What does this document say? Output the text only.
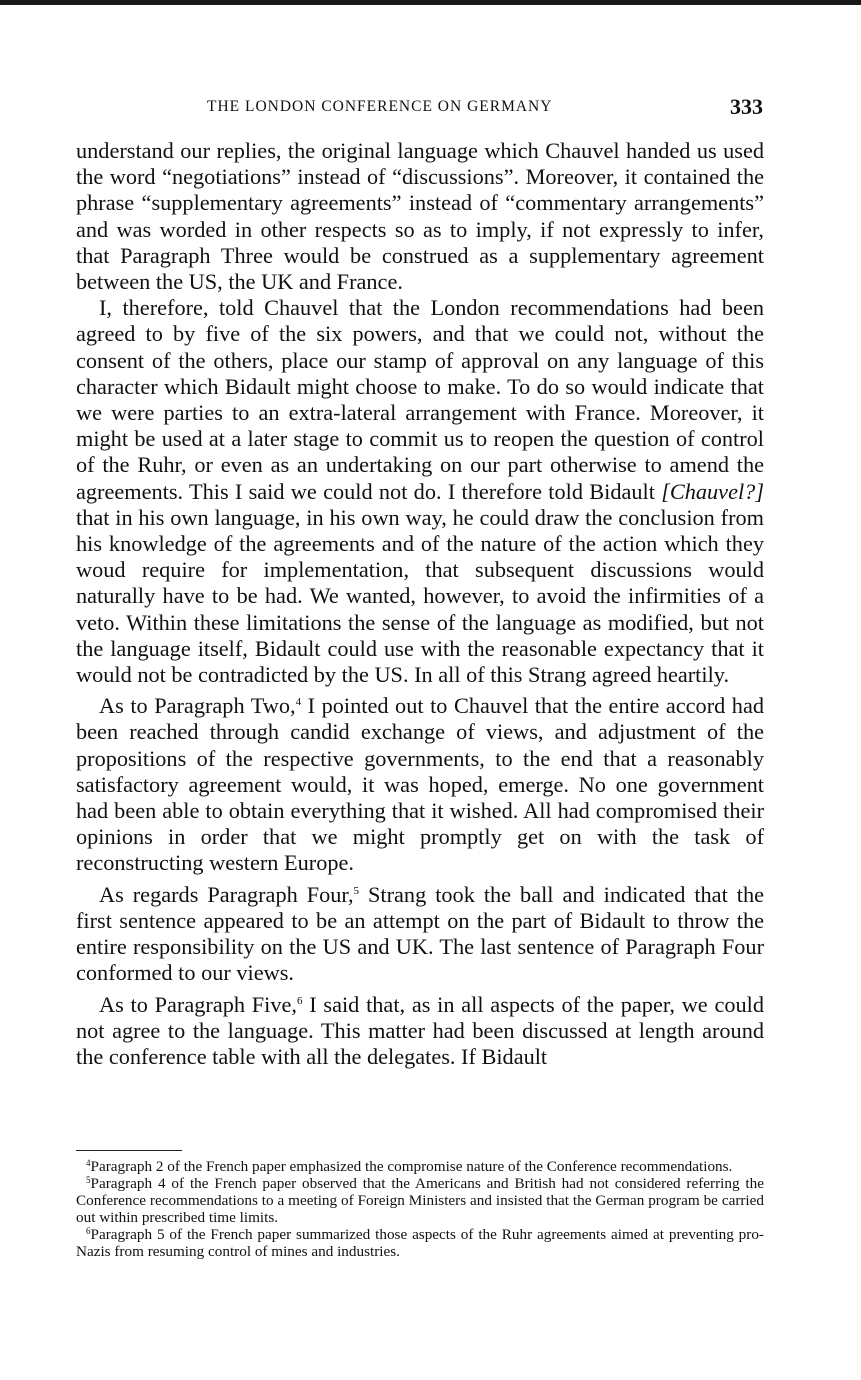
THE LONDON CONFERENCE ON GERMANY	333

understand our replies, the original language which Chauvel handed us used the word “negotiations” instead of “discussions”. Moreover, it contained the phrase “supplementary agreements” instead of “commentary arrangements” and was worded in other respects so as to imply, if not expressly to infer, that Paragraph Three would be construed as a supplementary agreement between the US, the UK and France.

I, therefore, told Chauvel that the London recommendations had been agreed to by five of the six powers, and that we could not, without the consent of the others, place our stamp of approval on any language of this character which Bidault might choose to make. To do so would indicate that we were parties to an extra-lateral arrangement with France. Moreover, it might be used at a later stage to commit us to reopen the question of control of the Ruhr, or even as an undertaking on our part otherwise to amend the agreements. This I said we could not do. I therefore told Bidault [Chauvel?] that in his own language, in his own way, he could draw the conclusion from his knowledge of the agreements and of the nature of the action which they woud require for implementation, that subsequent discussions would naturally have to be had. We wanted, however, to avoid the infirmities of a veto. Within these limitations the sense of the language as modified, but not the language itself, Bidault could use with the reasonable expectancy that it would not be contradicted by the US. In all of this Strang agreed heartily.

As to Paragraph Two,$^4$ I pointed out to Chauvel that the entire accord had been reached through candid exchange of views, and adjustment of the propositions of the respective governments, to the end that a reasonably satisfactory agreement would, it was hoped, emerge. No one government had been able to obtain everything that it wished. All had compromised their opinions in order that we might promptly get on with the task of reconstructing western Europe.

As regards Paragraph Four,$^5$ Strang took the ball and indicated that the first sentence appeared to be an attempt on the part of Bidault to throw the entire responsibility on the US and UK. The last sentence of Paragraph Four conformed to our views.

As to Paragraph Five,$^6$ I said that, as in all aspects of the paper, we could not agree to the language. This matter had been discussed at length around the conference table with all the delegates. If Bidault

$^4$Paragraph 2 of the French paper emphasized the compromise nature of the Conference recommendations.

$^5$Paragraph 4 of the French paper observed that the Americans and British had not considered referring the Conference recommendations to a meeting of Foreign Ministers and insisted that the German program be carried out within prescribed time limits.

$^6$Paragraph 5 of the French paper summarized those aspects of the Ruhr agreements aimed at preventing pro-Nazis from resuming control of mines and industries.
